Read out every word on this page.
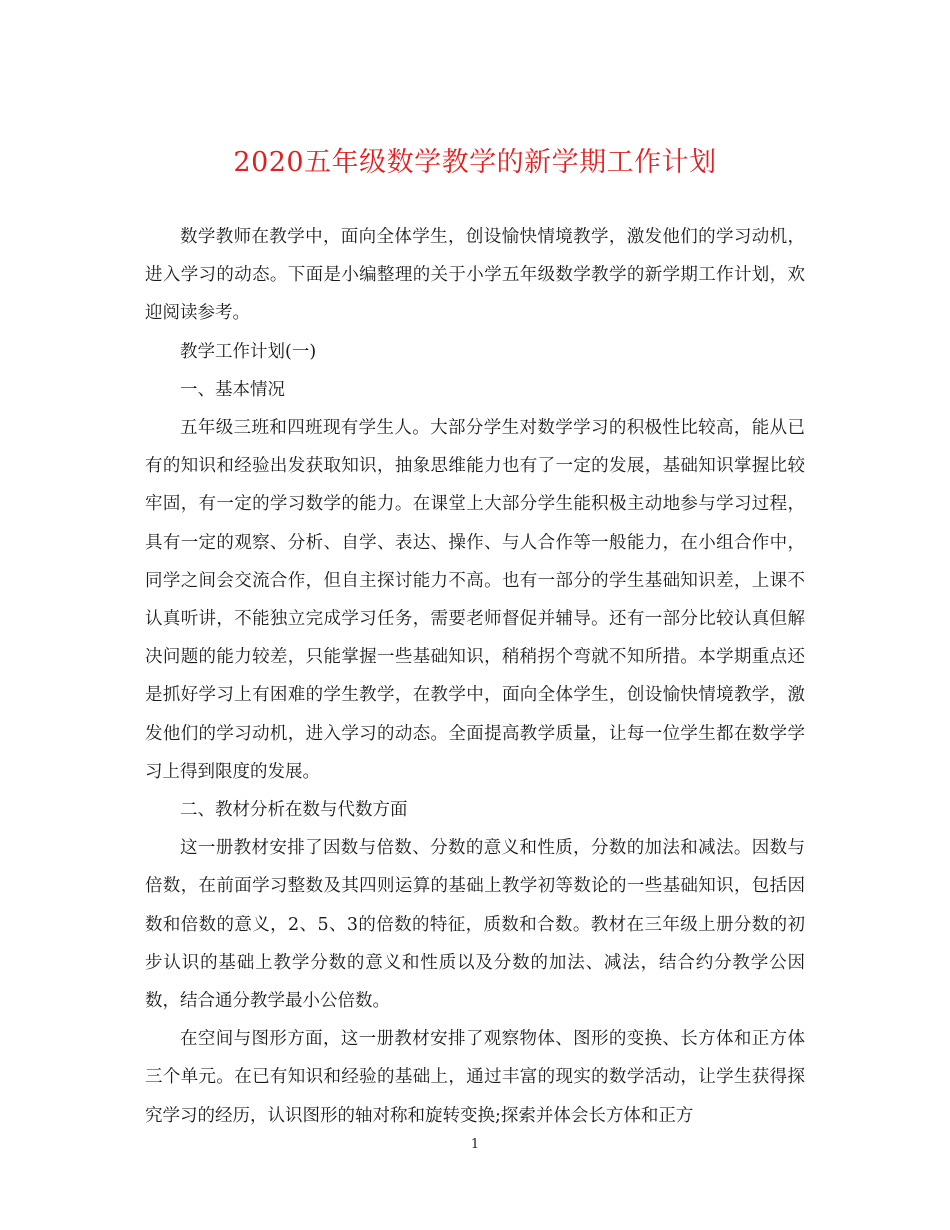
2020五年级数学教学的新学期工作计划

数学教师在教学中，面向全体学生，创设愉快情境教学，激发他们的学习动机，进入学习的动态。下面是小编整理的关于小学五年级数学教学的新学期工作计划，欢迎阅读参考。

教学工作计划(一)

一、基本情况

五年级三班和四班现有学生人。大部分学生对数学学习的积极性比较高，能从已有的知识和经验出发获取知识，抽象思维能力也有了一定的发展，基础知识掌握比较牢固，有一定的学习数学的能力。在课堂上大部分学生能积极主动地参与学习过程，具有一定的观察、分析、自学、表达、操作、与人合作等一般能力，在小组合作中，同学之间会交流合作，但自主探讨能力不高。也有一部分的学生基础知识差，上课不认真听讲，不能独立完成学习任务，需要老师督促并辅导。还有一部分比较认真但解决问题的能力较差，只能掌握一些基础知识，稍稍拐个弯就不知所措。本学期重点还是抓好学习上有困难的学生教学，在教学中，面向全体学生，创设愉快情境教学，激发他们的学习动机，进入学习的动态。全面提高教学质量，让每一位学生都在数学学习上得到限度的发展。

二、教材分析在数与代数方面

这一册教材安排了因数与倍数、分数的意义和性质，分数的加法和减法。因数与倍数，在前面学习整数及其四则运算的基础上教学初等数论的一些基础知识，包括因数和倍数的意义，2、5、3的倍数的特征，质数和合数。教材在三年级上册分数的初步认识的基础上教学分数的意义和性质以及分数的加法、减法，结合约分教学公因数，结合通分教学最小公倍数。

在空间与图形方面，这一册教材安排了观察物体、图形的变换、长方体和正方体三个单元。在已有知识和经验的基础上，通过丰富的现实的数学活动，让学生获得探究学习的经历，认识图形的轴对称和旋转变换;探索并体会长方体和正方

1
